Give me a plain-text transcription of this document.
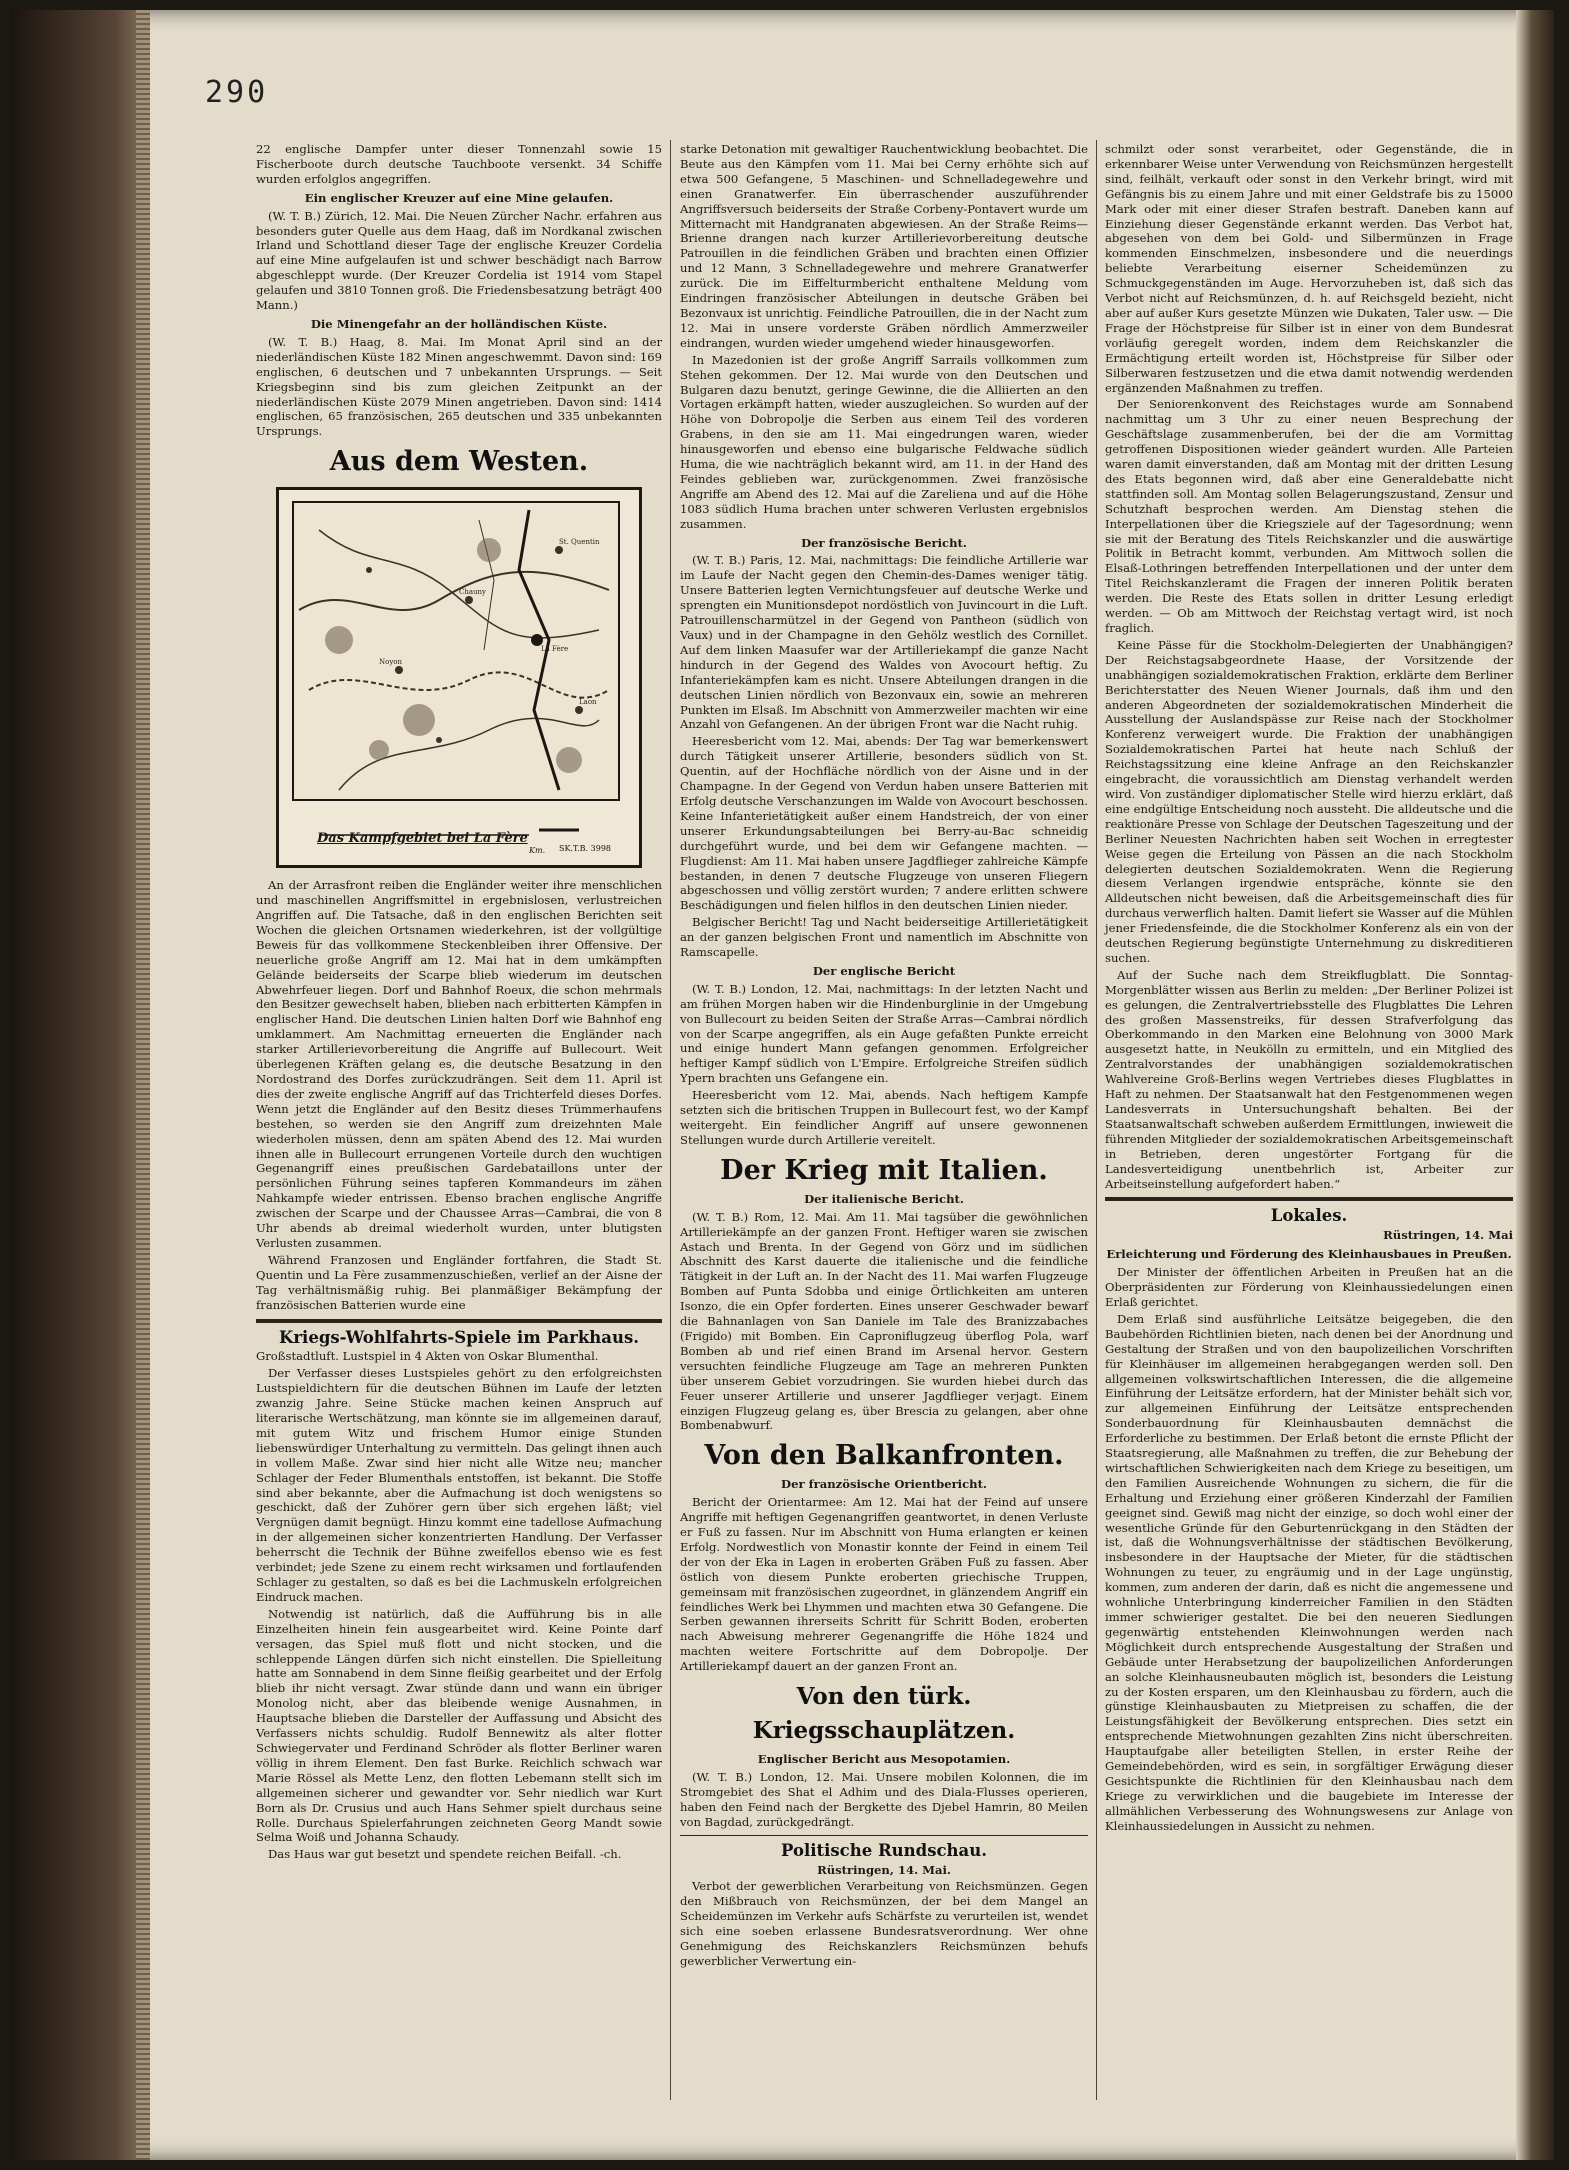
290

22 englische Dampfer unter dieser Tonnenzahl sowie 15 Fischerboote durch deutsche Tauchboote versenkt. 34 Schiffe wurden erfolglos angegriffen.

Ein englischer Kreuzer auf eine Mine gelaufen.

(W. T. B.) Zürich, 12. Mai. Die Neuen Zürcher Nachr. erfahren aus besonders guter Quelle aus dem Haag, daß im Nordkanal zwischen Irland und Schottland dieser Tage der englische Kreuzer Cordelia auf eine Mine aufgelaufen ist und schwer beschädigt nach Barrow abgeschleppt wurde. (Der Kreuzer Cordelia ist 1914 vom Stapel gelaufen und 3810 Tonnen groß. Die Friedensbesatzung beträgt 400 Mann.)

Die Minengefahr an der holländischen Küste.

(W. T. B.) Haag, 8. Mai. Im Monat April sind an der niederländischen Küste 182 Minen angeschwemmt. Davon sind: 169 englischen, 6 deutschen und 7 unbekannten Ursprungs. — Seit Kriegsbeginn sind bis zum gleichen Zeitpunkt an der niederländischen Küste 2079 Minen angetrieben. Davon sind: 1414 englischen, 65 französischen, 265 deutschen und 335 unbekannten Ursprungs.

Aus dem Westen.
La Fère
Chauny
Noyon
St. Quentin
Laon
Das Kampfgebiet bei La Fère
Km. SK.T.B. 3998

An der Arrasfront reiben die Engländer weiter ihre menschlichen und maschinellen Angriffsmittel in ergebnislosen, verlustreichen Angriffen auf. Die Tatsache, daß in den englischen Berichten seit Wochen die gleichen Ortsnamen wiederkehren, ist der vollgültige Beweis für das vollkommene Steckenbleiben ihrer Offensive. Der neuerliche große Angriff am 12. Mai hat in dem umkämpften Gelände beiderseits der Scarpe blieb wiederum im deutschen Abwehrfeuer liegen. Dorf und Bahnhof Roeux, die schon mehrmals den Besitzer gewechselt haben, blieben nach erbitterten Kämpfen in englischer Hand. Die deutschen Linien halten Dorf wie Bahnhof eng umklammert. Am Nachmittag erneuerten die Engländer nach starker Artillerievorbereitung die Angriffe auf Bullecourt. Weit überlegenen Kräften gelang es, die deutsche Besatzung in den Nordostrand des Dorfes zurückzudrängen. Seit dem 11. April ist dies der zweite englische Angriff auf das Trichterfeld dieses Dorfes. Wenn jetzt die Engländer auf den Besitz dieses Trümmerhaufens bestehen, so werden sie den Angriff zum dreizehnten Male wiederholen müssen, denn am späten Abend des 12. Mai wurden ihnen alle in Bullecourt errungenen Vorteile durch den wuchtigen Gegenangriff eines preußischen Gardebataillons unter der persönlichen Führung seines tapferen Kommandeurs im zähen Nahkampfe wieder entrissen. Ebenso brachen englische Angriffe zwischen der Scarpe und der Chaussee Arras—Cambrai, die von 8 Uhr abends ab dreimal wiederholt wurden, unter blutigsten Verlusten zusammen.

Während Franzosen und Engländer fortfahren, die Stadt St. Quentin und La Fère zusammenzuschießen, verlief an der Aisne der Tag verhältnismäßig ruhig. Bei planmäßiger Bekämpfung der französischen Batterien wurde eine

Kriegs-Wohlfahrts-Spiele im Parkhaus.

Großstadtluft. Lustspiel in 4 Akten von Oskar Blumenthal.

Der Verfasser dieses Lustspieles gehört zu den erfolgreichsten Lustspieldichtern für die deutschen Bühnen im Laufe der letzten zwanzig Jahre. Seine Stücke machen keinen Anspruch auf literarische Wertschätzung, man könnte sie im allgemeinen darauf, mit gutem Witz und frischem Humor einige Stunden liebenswürdiger Unterhaltung zu vermitteln. Das gelingt ihnen auch in vollem Maße. Zwar sind hier nicht alle Witze neu; mancher Schlager der Feder Blumenthals entstoffen, ist bekannt. Die Stoffe sind aber bekannte, aber die Aufmachung ist doch wenigstens so geschickt, daß der Zuhörer gern über sich ergehen läßt; viel Vergnügen damit begnügt. Hinzu kommt eine tadellose Aufmachung in der allgemeinen sicher konzentrierten Handlung. Der Verfasser beherrscht die Technik der Bühne zweifellos ebenso wie es fest verbindet; jede Szene zu einem recht wirksamen und fortlaufenden Schlager zu gestalten, so daß es bei die Lachmuskeln erfolgreichen Eindruck machen.

Notwendig ist natürlich, daß die Aufführung bis in alle Einzelheiten hinein fein ausgearbeitet wird. Keine Pointe darf versagen, das Spiel muß flott und nicht stocken, und die schleppende Längen dürfen sich nicht einstellen. Die Spielleitung hatte am Sonnabend in dem Sinne fleißig gearbeitet und der Erfolg blieb ihr nicht versagt. Zwar stünde dann und wann ein übriger Monolog nicht, aber das bleibende wenige Ausnahmen, in Hauptsache blieben die Darsteller der Auffassung und Absicht des Verfassers nichts schuldig. Rudolf Bennewitz als alter flotter Schwiegervater und Ferdinand Schröder als flotter Berliner waren völlig in ihrem Element. Den fast Burke. Reichlich schwach war Marie Rössel als Mette Lenz, den flotten Lebemann stellt sich im allgemeinen sicherer und gewandter vor. Sehr niedlich war Kurt Born als Dr. Crusius und auch Hans Sehmer spielt durchaus seine Rolle. Durchaus Spielerfahrungen zeichneten Georg Mandt sowie Selma Woiß und Johanna Schaudy.

Das Haus war gut besetzt und spendete reichen Beifall. -ch.

starke Detonation mit gewaltiger Rauchentwicklung beobachtet. Die Beute aus den Kämpfen vom 11. Mai bei Cerny erhöhte sich auf etwa 500 Gefangene, 5 Maschinen- und Schnelladegewehre und einen Granatwerfer. Ein überraschender auszuführender Angriffsversuch beiderseits der Straße Corbeny-Pontavert wurde um Mitternacht mit Handgranaten abgewiesen. An der Straße Reims—Brienne drangen nach kurzer Artillerievorbereitung deutsche Patrouillen in die feindlichen Gräben und brachten einen Offizier und 12 Mann, 3 Schnelladegewehre und mehrere Granatwerfer zurück. Die im Eiffelturmbericht enthaltene Meldung vom Eindringen französischer Abteilungen in deutsche Gräben bei Bezonvaux ist unrichtig. Feindliche Patrouillen, die in der Nacht zum 12. Mai in unsere vorderste Gräben nördlich Ammerzweiler eindrangen, wurden wieder umgehend wieder hinausgeworfen.

In Mazedonien ist der große Angriff Sarrails vollkommen zum Stehen gekommen. Der 12. Mai wurde von den Deutschen und Bulgaren dazu benutzt, geringe Gewinne, die die Alliierten an den Vortagen erkämpft hatten, wieder auszugleichen. So wurden auf der Höhe von Dobropolje die Serben aus einem Teil des vorderen Grabens, in den sie am 11. Mai eingedrungen waren, wieder hinausgeworfen und ebenso eine bulgarische Feldwache südlich Huma, die wie nachträglich bekannt wird, am 11. in der Hand des Feindes geblieben war, zurückgenommen. Zwei französische Angriffe am Abend des 12. Mai auf die Zareliena und auf die Höhe 1083 südlich Huma brachen unter schweren Verlusten ergebnislos zusammen.

Der französische Bericht.

(W. T. B.) Paris, 12. Mai, nachmittags: Die feindliche Artillerie war im Laufe der Nacht gegen den Chemin-des-Dames weniger tätig. Unsere Batterien legten Vernichtungsfeuer auf deutsche Werke und sprengten ein Munitionsdepot nordöstlich von Juvincourt in die Luft. Patrouillenscharmützel in der Gegend von Pantheon (südlich von Vaux) und in der Champagne in den Gehölz westlich des Cornillet. Auf dem linken Maasufer war der Artilleriekampf die ganze Nacht hindurch in der Gegend des Waldes von Avocourt heftig. Zu Infanteriekämpfen kam es nicht. Unsere Abteilungen drangen in die deutschen Linien nördlich von Bezonvaux ein, sowie an mehreren Punkten im Elsaß. Im Abschnitt von Ammerzweiler machten wir eine Anzahl von Gefangenen. An der übrigen Front war die Nacht ruhig.

Heeresbericht vom 12. Mai, abends: Der Tag war bemerkenswert durch Tätigkeit unserer Artillerie, besonders südlich von St. Quentin, auf der Hochfläche nördlich von der Aisne und in der Champagne. In der Gegend von Verdun haben unsere Batterien mit Erfolg deutsche Verschanzungen im Walde von Avocourt beschossen. Keine Infanterietätigkeit außer einem Handstreich, der von einer unserer Erkundungsabteilungen bei Berry-au-Bac schneidig durchgeführt wurde, und bei dem wir Gefangene machten. — Flugdienst: Am 11. Mai haben unsere Jagdflieger zahlreiche Kämpfe bestanden, in denen 7 deutsche Flugzeuge von unseren Fliegern abgeschossen und völlig zerstört wurden; 7 andere erlitten schwere Beschädigungen und fielen hilflos in den deutschen Linien nieder.

Belgischer Bericht! Tag und Nacht beiderseitige Artillerietätigkeit an der ganzen belgischen Front und namentlich im Abschnitte von Ramscapelle.

Der englische Bericht

(W. T. B.) London, 12. Mai, nachmittags: In der letzten Nacht und am frühen Morgen haben wir die Hindenburglinie in der Umgebung von Bullecourt zu beiden Seiten der Straße Arras—Cambrai nördlich von der Scarpe angegriffen, als ein Auge gefaßten Punkte erreicht und einige hundert Mann gefangen genommen. Erfolgreicher heftiger Kampf südlich von L'Empire. Erfolgreiche Streifen südlich Ypern brachten uns Gefangene ein.

Heeresbericht vom 12. Mai, abends. Nach heftigem Kampfe setzten sich die britischen Truppen in Bullecourt fest, wo der Kampf weitergeht. Ein feindlicher Angriff auf unsere gewonnenen Stellungen wurde durch Artillerie vereitelt.

Der Krieg mit Italien.
Der italienische Bericht.

(W. T. B.) Rom, 12. Mai. Am 11. Mai tagsüber die gewöhnlichen Artilleriekämpfe an der ganzen Front. Heftiger waren sie zwischen Astach und Brenta. In der Gegend von Görz und im südlichen Abschnitt des Karst dauerte die italienische und die feindliche Tätigkeit in der Luft an. In der Nacht des 11. Mai warfen Flugzeuge Bomben auf Punta Sdobba und einige Örtlichkeiten am unteren Isonzo, die ein Opfer forderten. Eines unserer Geschwader bewarf die Bahnanlagen von San Daniele im Tale des Branizzabaches (Frigido) mit Bomben. Ein Caproniflugzeug überflog Pola, warf Bomben ab und rief einen Brand im Arsenal hervor. Gestern versuchten feindliche Flugzeuge am Tage an mehreren Punkten über unserem Gebiet vorzudringen. Sie wurden hiebei durch das Feuer unserer Artillerie und unserer Jagdflieger verjagt. Einem einzigen Flugzeug gelang es, über Brescia zu gelangen, aber ohne Bombenabwurf.

Von den Balkanfronten.
Der französische Orientbericht.

Bericht der Orientarmee: Am 12. Mai hat der Feind auf unsere Angriffe mit heftigen Gegenangriffen geantwortet, in denen Verluste er Fuß zu fassen. Nur im Abschnitt von Huma erlangten er keinen Erfolg. Nordwestlich von Monastir konnte der Feind in einem Teil der von der Eka in Lagen in eroberten Gräben Fuß zu fassen. Aber östlich von diesem Punkte eroberten griechische Truppen, gemeinsam mit französischen zugeordnet, in glänzendem Angriff ein feindliches Werk bei Lhymmen und machten etwa 30 Gefangene. Die Serben gewannen ihrerseits Schritt für Schritt Boden, eroberten nach Abweisung mehrerer Gegenangriffe die Höhe 1824 und machten weitere Fortschritte auf dem Dobropolje. Der Artilleriekampf dauert an der ganzen Front an.

Von den türk. Kriegsschauplätzen.
Englischer Bericht aus Mesopotamien.

(W. T. B.) London, 12. Mai. Unsere mobilen Kolonnen, die im Stromgebiet des Shat el Adhim und des Diala-Flusses operieren, haben den Feind nach der Bergkette des Djebel Hamrin, 80 Meilen von Bagdad, zurückgedrängt.

Politische Rundschau.
Rüstringen, 14. Mai.

Verbot der gewerblichen Verarbeitung von Reichsmünzen. Gegen den Mißbrauch von Reichsmünzen, der bei dem Mangel an Scheidemünzen im Verkehr aufs Schärfste zu verurteilen ist, wendet sich eine soeben erlassene Bundesratsverordnung. Wer ohne Genehmigung des Reichskanzlers Reichsmünzen behufs gewerblicher Verwertung ein-

schmilzt oder sonst verarbeitet, oder Gegenstände, die in erkennbarer Weise unter Verwendung von Reichsmünzen hergestellt sind, feilhält, verkauft oder sonst in den Verkehr bringt, wird mit Gefängnis bis zu einem Jahre und mit einer Geldstrafe bis zu 15000 Mark oder mit einer dieser Strafen bestraft. Daneben kann auf Einziehung dieser Gegenstände erkannt werden. Das Verbot hat, abgesehen von dem bei Gold- und Silbermünzen in Frage kommenden Einschmelzen, insbesondere und die neuerdings beliebte Verarbeitung eiserner Scheidemünzen zu Schmuckgegenständen im Auge. Hervorzuheben ist, daß sich das Verbot nicht auf Reichsmünzen, d. h. auf Reichsgeld bezieht, nicht aber auf außer Kurs gesetzte Münzen wie Dukaten, Taler usw. — Die Frage der Höchstpreise für Silber ist in einer von dem Bundesrat vorläufig geregelt worden, indem dem Reichskanzler die Ermächtigung erteilt worden ist, Höchstpreise für Silber oder Silberwaren festzusetzen und die etwa damit notwendig werdenden ergänzenden Maßnahmen zu treffen.

Der Seniorenkonvent des Reichstages wurde am Sonnabend nachmittag um 3 Uhr zu einer neuen Besprechung der Geschäftslage zusammenberufen, bei der die am Vormittag getroffenen Dispositionen wieder geändert wurden. Alle Parteien waren damit einverstanden, daß am Montag mit der dritten Lesung des Etats begonnen wird, daß aber eine Generaldebatte nicht stattfinden soll. Am Montag sollen Belagerungszustand, Zensur und Schutzhaft besprochen werden. Am Dienstag stehen die Interpellationen über die Kriegsziele auf der Tagesordnung; wenn sie mit der Beratung des Titels Reichskanzler und die auswärtige Politik in Betracht kommt, verbunden. Am Mittwoch sollen die Elsaß-Lothringen betreffenden Interpellationen und der unter dem Titel Reichskanzleramt die Fragen der inneren Politik beraten werden. Die Reste des Etats sollen in dritter Lesung erledigt werden. — Ob am Mittwoch der Reichstag vertagt wird, ist noch fraglich.

Keine Pässe für die Stockholm-Delegierten der Unabhängigen? Der Reichstagsabgeordnete Haase, der Vorsitzende der unabhängigen sozialdemokratischen Fraktion, erklärte dem Berliner Berichterstatter des Neuen Wiener Journals, daß ihm und den anderen Abgeordneten der sozialdemokratischen Minderheit die Ausstellung der Auslandspässe zur Reise nach der Stockholmer Konferenz verweigert wurde. Die Fraktion der unabhängigen Sozialdemokratischen Partei hat heute nach Schluß der Reichstagssitzung eine kleine Anfrage an den Reichskanzler eingebracht, die voraussichtlich am Dienstag verhandelt werden wird. Von zuständiger diplomatischer Stelle wird hierzu erklärt, daß eine endgültige Entscheidung noch aussteht. Die alldeutsche und die reaktionäre Presse von Schlage der Deutschen Tageszeitung und der Berliner Neuesten Nachrichten haben seit Wochen in erregtester Weise gegen die Erteilung von Pässen an die nach Stockholm delegierten deutschen Sozialdemokraten. Wenn die Regierung diesem Verlangen irgendwie entspräche, könnte sie den Alldeutschen nicht beweisen, daß die Arbeitsgemeinschaft dies für durchaus verwerflich halten. Damit liefert sie Wasser auf die Mühlen jener Friedensfeinde, die die Stockholmer Konferenz als ein von der deutschen Regierung begünstigte Unternehmung zu diskreditieren suchen.

Auf der Suche nach dem Streikflugblatt. Die Sonntag-Morgenblätter wissen aus Berlin zu melden: „Der Berliner Polizei ist es gelungen, die Zentralvertriebsstelle des Flugblattes Die Lehren des großen Massenstreiks, für dessen Strafverfolgung das Oberkommando in den Marken eine Belohnung von 3000 Mark ausgesetzt hatte, in Neukölln zu ermitteln, und ein Mitglied des Zentralvorstandes der unabhängigen sozialdemokratischen Wahlvereine Groß-Berlins wegen Vertriebes dieses Flugblattes in Haft zu nehmen. Der Staatsanwalt hat den Festgenommenen wegen Landesverrats in Untersuchungshaft behalten. Bei der Staatsanwaltschaft schweben außerdem Ermittlungen, inwieweit die führenden Mitglieder der sozialdemokratischen Arbeitsgemeinschaft in Betrieben, deren ungestörter Fortgang für die Landesverteidigung unentbehrlich ist, Arbeiter zur Arbeitseinstellung aufgefordert haben.“

Lokales.
Rüstringen, 14. Mai
Erleichterung und Förderung des Kleinhausbaues in Preußen.

Der Minister der öffentlichen Arbeiten in Preußen hat an die Oberpräsidenten zur Förderung von Kleinhaussiedelungen einen Erlaß gerichtet.

Dem Erlaß sind ausführliche Leitsätze beigegeben, die den Baubehörden Richtlinien bieten, nach denen bei der Anordnung und Gestaltung der Straßen und von den baupolizeilichen Vorschriften für Kleinhäuser im allgemeinen herabgegangen werden soll. Den allgemeinen volkswirtschaftlichen Interessen, die die allgemeine Einführung der Leitsätze erfordern, hat der Minister behält sich vor, zur allgemeinen Einführung der Leitsätze entsprechenden Sonderbauordnung für Kleinhausbauten demnächst die Erforderliche zu bestimmen. Der Erlaß betont die ernste Pflicht der Staatsregierung, alle Maßnahmen zu treffen, die zur Behebung der wirtschaftlichen Schwierigkeiten nach dem Kriege zu beseitigen, um den Familien Ausreichende Wohnungen zu sichern, die für die Erhaltung und Erziehung einer größeren Kinderzahl der Familien geeignet sind. Gewiß mag nicht der einzige, so doch wohl einer der wesentliche Gründe für den Geburtenrückgang in den Städten der ist, daß die Wohnungsverhältnisse der städtischen Bevölkerung, insbesondere in der Hauptsache der Mieter, für die städtischen Wohnungen zu teuer, zu engräumig und in der Lage ungünstig, kommen, zum anderen der darin, daß es nicht die angemessene und wohnliche Unterbringung kinderreicher Familien in den Städten immer schwieriger gestaltet. Die bei den neueren Siedlungen gegenwärtig entstehenden Kleinwohnungen werden nach Möglichkeit durch entsprechende Ausgestaltung der Straßen und Gebäude unter Herabsetzung der baupolizeilichen Anforderungen an solche Kleinhausneubauten möglich ist, besonders die Leistung zu der Kosten ersparen, um den Kleinhausbau zu fördern, auch die günstige Kleinhausbauten zu Mietpreisen zu schaffen, die der Leistungsfähigkeit der Bevölkerung entsprechen. Dies setzt ein entsprechende Mietwohnungen gezahlten Zins nicht überschreiten. Hauptaufgabe aller beteiligten Stellen, in erster Reihe der Gemeindebehörden, wird es sein, in sorgfältiger Erwägung dieser Gesichtspunkte die Richtlinien für den Kleinhausbau nach dem Kriege zu verwirklichen und die baugebiete im Interesse der allmählichen Verbesserung des Wohnungswesens zur Anlage von Kleinhaussiedelungen in Aussicht zu nehmen.
